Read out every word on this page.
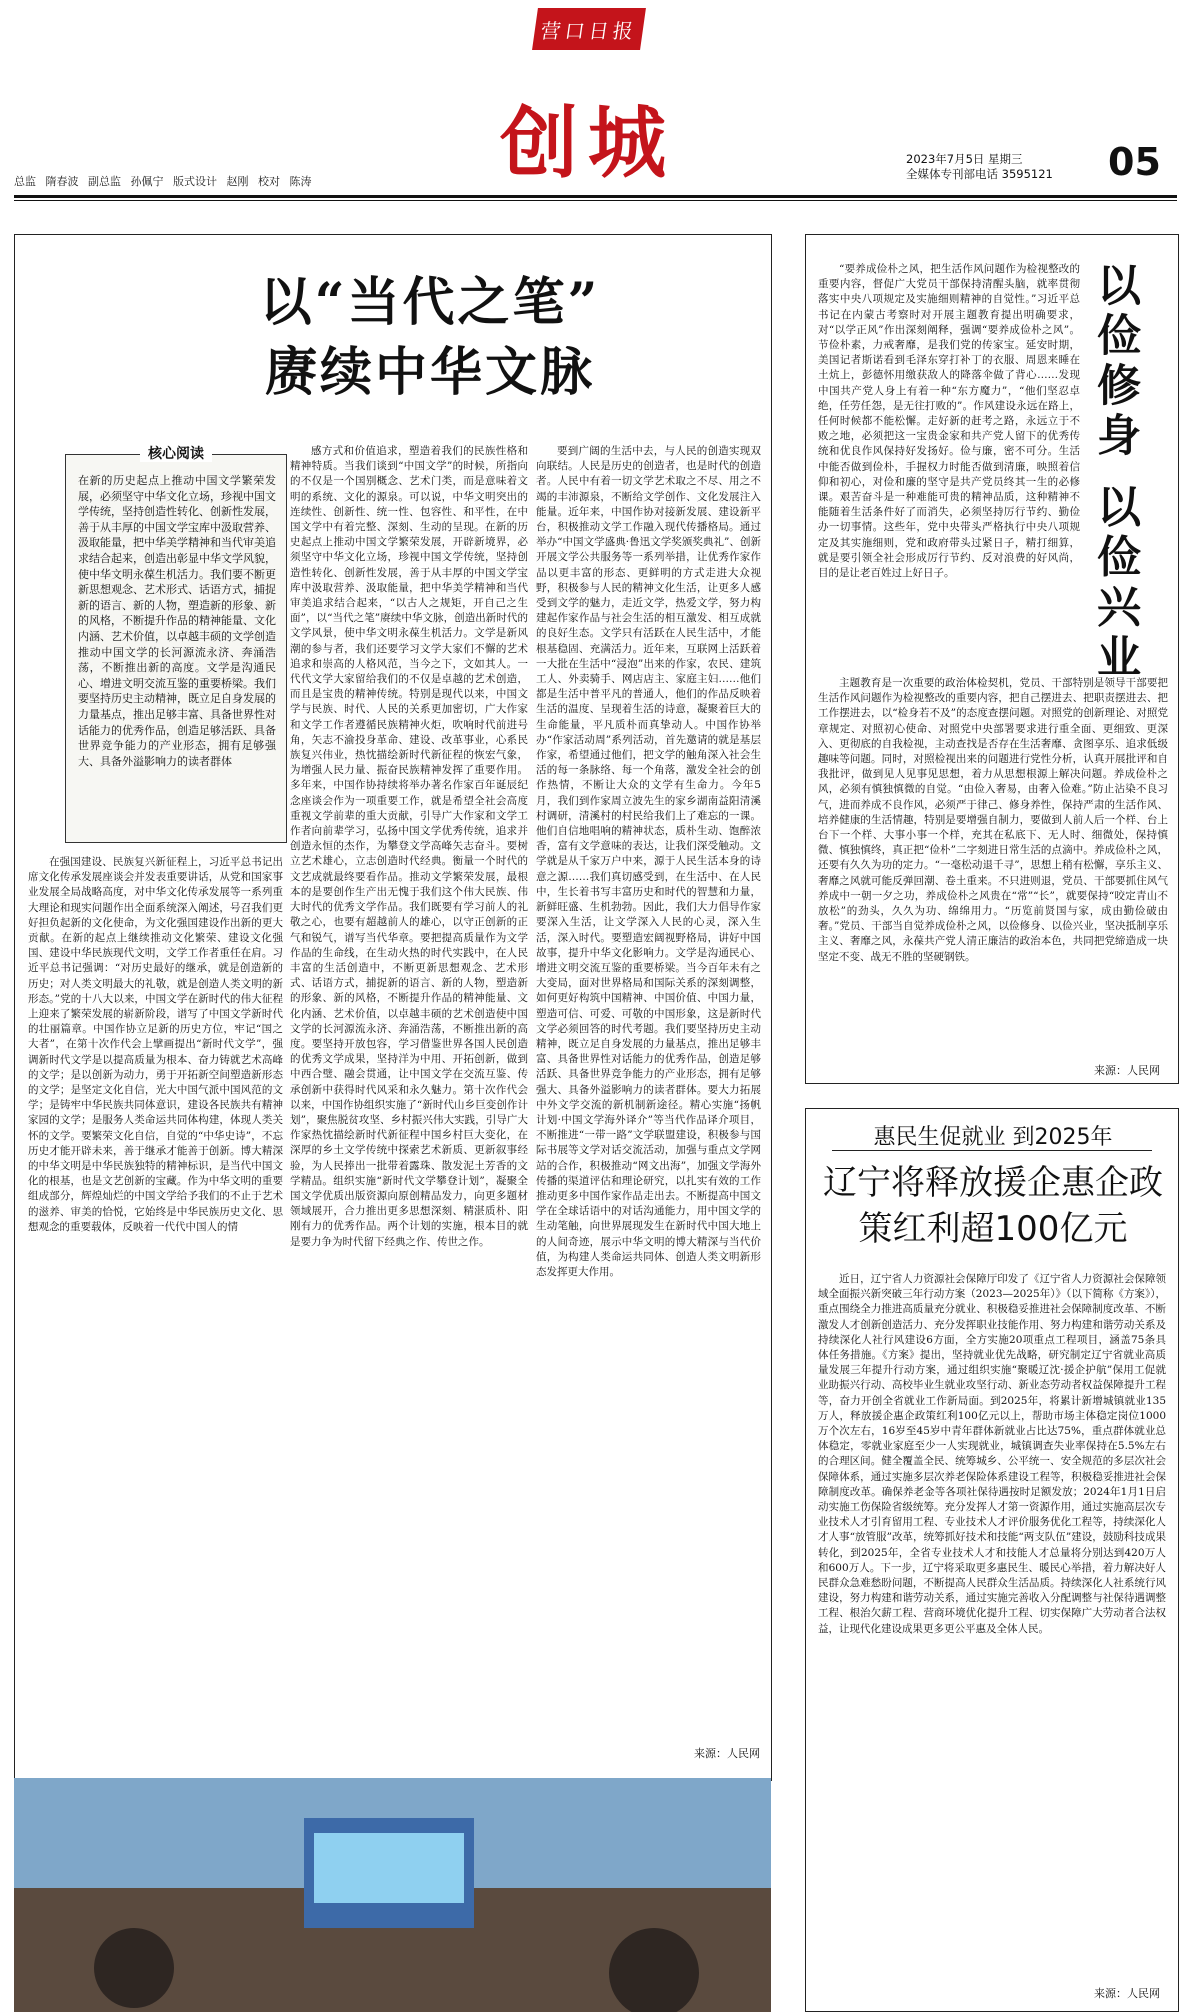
营口日报
创城
总监 隋春波 副总监 孙佩宁 版式设计 赵刚 校对 陈涛
2023年7月5日 星期三
全媒体专刊部电话 3595121 05
以“当代之笔”
赓续中华文脉
核心阅读
在新的历史起点上推动中国文学繁荣发展，必须坚守中华文化立场，珍视中国文学传统，坚持创造性转化、创新性发展，善于从丰厚的中国文学宝库中汲取营养、汲取能量，把中华美学精神和当代审美追求结合起来，创造出彰显中华文学风貌，使中华文明永葆生机活力。我们要不断更新思想观念、艺术形式、话语方式，捕捉新的语言、新的人物，塑造新的形象、新的风格，不断提升作品的精神能量、文化内涵、艺术价值，以卓越丰硕的文学创造推动中国文学的长河源流永济、奔涌浩荡，不断推出新的高度。文学是沟通民心、增进文明交流互鉴的重要桥梁。我们要坚持历史主动精神，既立足自身发展的力量基点，推出足够丰富、具备世界性对话能力的优秀作品，创造足够活跃、具备世界竞争能力的产业形态，拥有足够强大、具备外溢影响力的读者群体

在强国建设、民族复兴新征程上，习近平总书记出席文化传承发展座谈会并发表重要讲话，从党和国家事业发展全局战略高度，对中华文化传承发展等一系列重大理论和现实问题作出全面系统深入阐述，号召我们更好担负起新的文化使命，为文化强国建设作出新的更大贡献。在新的起点上继续推动文化繁荣、建设文化强国、建设中华民族现代文明，文学工作者重任在肩。习近平总书记强调：“对历史最好的继承，就是创造新的历史；对人类文明最大的礼敬，就是创造人类文明的新形态。”党的十八大以来，中国文学在新时代的伟大征程上迎来了繁荣发展的崭新阶段，谱写了中国文学新时代的壮丽篇章。中国作协立足新的历史方位，牢记“国之大者”，在第十次作代会上擘画提出“新时代文学”，强调新时代文学是以提高质量为根本、奋力铸就艺术高峰的文学；是以创新为动力，勇于开拓新空间塑造新形态的文学；是坚定文化自信，光大中国气派中国风范的文学；是铸牢中华民族共同体意识，建设各民族共有精神家园的文学；是服务人类命运共同体构建，体现人类关怀的文学。要繁荣文化自信，自觉的“中华史诗”，不忘历史才能开辟未来，善于继承才能善于创新。博大精深的中华文明是中华民族独特的精神标识，是当代中国文化的根基，也是文艺创新的宝藏。作为中华文明的重要组成部分，辉煌灿烂的中国文学给予我们的不止于艺术的滋养、审美的恰悦，它始终是中华民族历史文化、思想观念的重要载体，反映着一代代中国人的情

感方式和价值追求，塑造着我们的民族性格和精神特质。当我们谈到“中国文学”的时候，所指向的不仅是一个国别概念、艺术门类，而是意味着文明的系统、文化的源泉。可以说，中华文明突出的连续性、创新性、统一性、包容性、和平性，在中国文学中有着完整、深刻、生动的呈现。在新的历史起点上推动中国文学繁荣发展，开辟新境界，必须坚守中华文化立场，珍视中国文学传统，坚持创造性转化、创新性发展，善于从丰厚的中国文学宝库中汲取营养、汲取能量，把中华美学精神和当代审美追求结合起来，“以古人之规矩，开自己之生面”，以“当代之笔”赓续中华文脉，创造出新时代的文学风景，使中华文明永葆生机活力。文学是新风潮的参与者，我们还要学习文学大家们不懈的艺术追求和崇高的人格风范，当今之下，文如其人。一代代文学大家留给我们的不仅是卓越的艺术创造，而且是宝贵的精神传统。特别是现代以来，中国文学与民族、时代、人民的关系更加密切，广大作家和文学工作者遵循民族精神火炬，吹响时代前进号角，矢志不渝投身革命、建设、改革事业，心系民族复兴伟业，热忱描绘新时代新征程的恢宏气象，为增强人民力量、振奋民族精神发挥了重要作用。多年来，中国作协持续将举办著名作家百年诞辰纪念座谈会作为一项重要工作，就是希望全社会高度重视文学前辈的重大贡献，引导广大作家和文学工作者向前辈学习，弘扬中国文学优秀传统，追求并创造永恒的杰作，为攀登文学高峰矢志奋斗。要树立艺术雄心，立志创造时代经典。衡量一个时代的文艺成就最终要看作品。推动文学繁荣发展，最根本的是要创作生产出无愧于我们这个伟大民族、伟大时代的优秀文学作品。我们既要有学习前人的礼敬之心，也要有超越前人的雄心，以守正创新的正气和锐气，谱写当代华章。要把提高质量作为文学作品的生命线，在生动火热的时代实践中，在人民丰富的生活创造中，不断更新思想观念、艺术形式、话语方式，捕捉新的语言、新的人物，塑造新的形象、新的风格，不断提升作品的精神能量、文化内涵、艺术价值，以卓越丰硕的艺术创造使中国文学的长河源流永济、奔涌浩荡，不断推出新的高度。要坚持开放包容，学习借鉴世界各国人民创造的优秀文学成果，坚持洋为中用、开拓创新，做到中西合璧、融会贯通，让中国文学在交流互鉴、传承创新中获得时代风采和永久魅力。第十次作代会以来，中国作协组织实施了“新时代山乡巨变创作计划”，聚焦脱贫攻坚、乡村振兴伟大实践，引导广大作家热忱描绘新时代新征程中国乡村巨大变化，在深厚的乡土文学传统中探索艺术新质、更新叙事经验，为人民捧出一批带着露珠、散发泥土芳香的文学精品。组织实施“新时代文学攀登计划”，凝聚全国文学优质出版资源向原创精品发力，向更多题材领域展开，合力推出更多思想深刻、精湛质朴、阳刚有力的优秀作品。两个计划的实施，根本目的就是要力争为时代留下经典之作、传世之作。

要到广阔的生活中去，与人民的创造实现双向联结。人民是历史的创造者，也是时代的创造者。人民中有着一切文学艺术取之不尽、用之不竭的丰沛源泉，不断给文学创作、文化发展注入能量。近年来，中国作协对接新发展、建设新平台，积极推动文学工作融入现代传播格局。通过举办“中国文学盛典·鲁迅文学奖颁奖典礼”、创新开展文学公共服务等一系列举措，让优秀作家作品以更丰富的形态、更鲜明的方式走进大众视野，积极参与人民的精神文化生活，让更多人感受到文学的魅力，走近文学，热爱文学，努力构建起作家作品与社会生活的相互激发、相互成就的良好生态。文学只有活跃在人民生活中，才能根基稳固、充满活力。近年来，互联网上活跃着一大批在生活中“浸泡”出来的作家，农民、建筑工人、外卖骑手、网店店主、家庭主妇……他们都是生活中普平凡的普通人，他们的作品反映着生活的温度、呈现着生活的诗意，凝聚着巨大的生命能量，平凡质朴而真挚动人。中国作协举办“作家活动周”系列活动，首先邀请的就是基层作家，希望通过他们，把文学的触角深入社会生活的每一条脉络、每一个角落，激发全社会的创作热情，不断让大众的文学有生命力。今年5月，我们到作家周立波先生的家乡湖南益阳清溪村调研，清溪村的村民给我们上了难忘的一课。他们自信地唱响的精神状态，质朴生动、饱醉浓香，富有文学意味的表达，让我们深受触动。文学就是从千家万户中来，源于人民生活本身的诗意之源……我们真切感受到，在生活中、在人民中，生长着书写丰富历史和时代的智慧和力量，新鲜旺盛、生机勃勃。因此，我们大力倡导作家要深入生活，让文学深入人民的心灵，深入生活，深入时代。要塑造宏阔视野格局，讲好中国故事，提升中华文化影响力。文学是沟通民心、增进文明交流互鉴的重要桥梁。当今百年未有之大变局，面对世界格局和国际关系的深刻调整，如何更好构筑中国精神、中国价值、中国力量，塑造可信、可爱、可敬的中国形象，这是新时代文学必须回答的时代考题。我们要坚持历史主动精神，既立足自身发展的力量基点，推出足够丰富、具备世界性对话能力的优秀作品，创造足够活跃、具备世界竞争能力的产业形态，拥有足够强大、具备外溢影响力的读者群体。要大力拓展中外文学交流的新机制新途径。精心实施“扬帆计划·中国文学海外译介”等当代作品译介项目，不断推进“一带一路”文学联盟建设，积极参与国际书展等文学对话交流活动，加强与重点文学网站的合作，积极推动“网文出海”，加强文学海外传播的渠道评估和理论研究，以扎实有效的工作推动更多中国作家作品走出去。不断提高中国文学在全球话语中的对话沟通能力，用中国文学的生动笔触，向世界展现发生在新时代中国大地上的人间奇迹，展示中华文明的博大精深与当代价值，为构建人类命运共同体、创造人类文明新形态发挥更大作用。

来源：人民网
以俭修身 以俭兴业

“要养成俭朴之风，把生活作风问题作为检视整改的重要内容，督促广大党员干部保持清醒头脑，就率贯彻落实中央八项规定及实施细则精神的自觉性。”习近平总书记在内蒙古考察时对开展主题教育提出明确要求，对“以学正风”作出深刻阐释，强调“要养成俭朴之风”。节俭朴素，力戒奢靡，是我们党的传家宝。延安时期，美国记者斯诺看到毛泽东穿打补丁的衣服、周恩来睡在土炕上，彭德怀用缴获敌人的降落伞做了背心……发现中国共产党人身上有着一种“东方魔力”，“他们坚忍卓绝，任劳任怨，是无往打败的”。作风建设永远在路上，任何时候都不能松懈。走好新的赶考之路，永远立于不败之地，必须把这一宝贵金家和共产党人留下的优秀传统和优良作风保持好发扬好。俭与廉，密不可分。生活中能否做到俭朴，手握权力时能否做到清廉，映照着信仰和初心，对俭和廉的坚守是共产党员终其一生的必修课。艰苦奋斗是一种难能可贵的精神品质，这种精神不能随着生活条件好了而消失，必须坚持厉行节约、勤俭办一切事情。这些年，党中央带头严格执行中央八项规定及其实施细则，党和政府带头过紧日子，精打细算，就是要引领全社会形成厉行节约、反对浪费的好风尚，目的是让老百姓过上好日子。

主题教育是一次重要的政治体检契机，党员、干部特别是领导干部要把生活作风问题作为检视整改的重要内容，把自己摆进去、把职责摆进去、把工作摆进去，以“检身若不及”的态度查摆问题。对照党的创新理论、对照党章规定、对照初心使命、对照党中央部署要求进行重全面、更细致、更深入、更彻底的自我检视，主动查找是否存在生活奢靡、贪图享乐、追求低级趣味等问题。同时，对照检视出来的问题进行党性分析，认真开展批评和自我批评，做到见人见事见思想，着力从思想根源上解决问题。养成俭朴之风，必须有慎独慎微的自觉。“由俭入奢易，由奢入俭难。”防止沾染不良习气，进而养成不良作风，必须严于律己、修身养性，保持严肃的生活作风、培养健康的生活情趣，特别是要增强自制力，要做到人前人后一个样、台上台下一个样、大事小事一个样，充其在私底下、无人时、细微处，保持慎微、慎独慎终，真正把“俭朴”二字刻进日常生活的点滴中。养成俭朴之风，还要有久久为功的定力。“一毫松动退千寻”，思想上稍有松懈，享乐主义、奢靡之风就可能反弹回潮、卷土重来。不只进则退，党员、干部要抓住风气养成中一朝一夕之功，养成俭朴之风贵在“常”“长”，就要保持“咬定青山不放松”的劲头，久久为功、绵绵用力。“历览前贤国与家，成由勤俭破由奢。”党员、干部当自觉养成俭朴之风，以俭修身、以俭兴业，坚决抵制享乐主义、奢靡之风，永葆共产党人清正廉洁的政治本色，共同把党缔造成一块坚定不变、战无不胜的坚硬钢铁。

来源：人民网
惠民生促就业 到2025年
辽宁将释放援企惠企政策红利超100亿元

近日，辽宁省人力资源社会保障厅印发了《辽宁省人力资源社会保障领域全面振兴新突破三年行动方案（2023—2025年）》（以下简称《方案》），重点围绕全力推进高质量充分就业、积极稳妥推进社会保障制度改革、不断激发人才创新创造活力、充分发挥职业技能作用、努力构建和谐劳动关系及持续深化人社行风建设6方面，全方实施20项重点工程项目，涵盖75条具体任务措施。《方案》提出，坚持就业优先战略，研究制定辽宁省就业高质量发展三年提升行动方案，通过组织实施“聚暖辽沈·援企护航”保用工促就业助振兴行动、高校毕业生就业攻坚行动、新业态劳动者权益保障提升工程等，奋力开创全省就业工作新局面。到2025年，将累计新增城镇就业135万人，释放援企惠企政策红利100亿元以上，帮助市场主体稳定岗位1000万个次左右，16岁至45岁中青年群体新就业占比达75%，重点群体就业总体稳定，零就业家庭至少一人实现就业，城镇调查失业率保持在5.5%左右的合理区间。健全覆盖全民、统筹城乡、公平统一、安全规范的多层次社会保障体系，通过实施多层次养老保险体系建设工程等，积极稳妥推进社会保障制度改革。确保养老金等各项社保待遇按时足额发放；2024年1月1日启动实施工伤保险省级统筹。充分发挥人才第一资源作用，通过实施高层次专业技术人才引育留用工程、专业技术人才评价服务优化工程等，持续深化人才人事“放管服”改革，统筹抓好技术和技能“两支队伍”建设，鼓励科技成果转化，到2025年，全省专业技术人才和技能人才总量将分别达到420万人和600万人。下一步，辽宁将采取更多惠民生、暖民心举措，着力解决好人民群众急难愁盼问题，不断提高人民群众生活品质。持续深化人社系统行风建设，努力构建和谐劳动关系，通过实施完善收入分配调整与社保待遇调整工程、根治欠薪工程、营商环境优化提升工程、切实保障广大劳动者合法权益，让现代化建设成果更多更公平惠及全体人民。

来源：人民网
